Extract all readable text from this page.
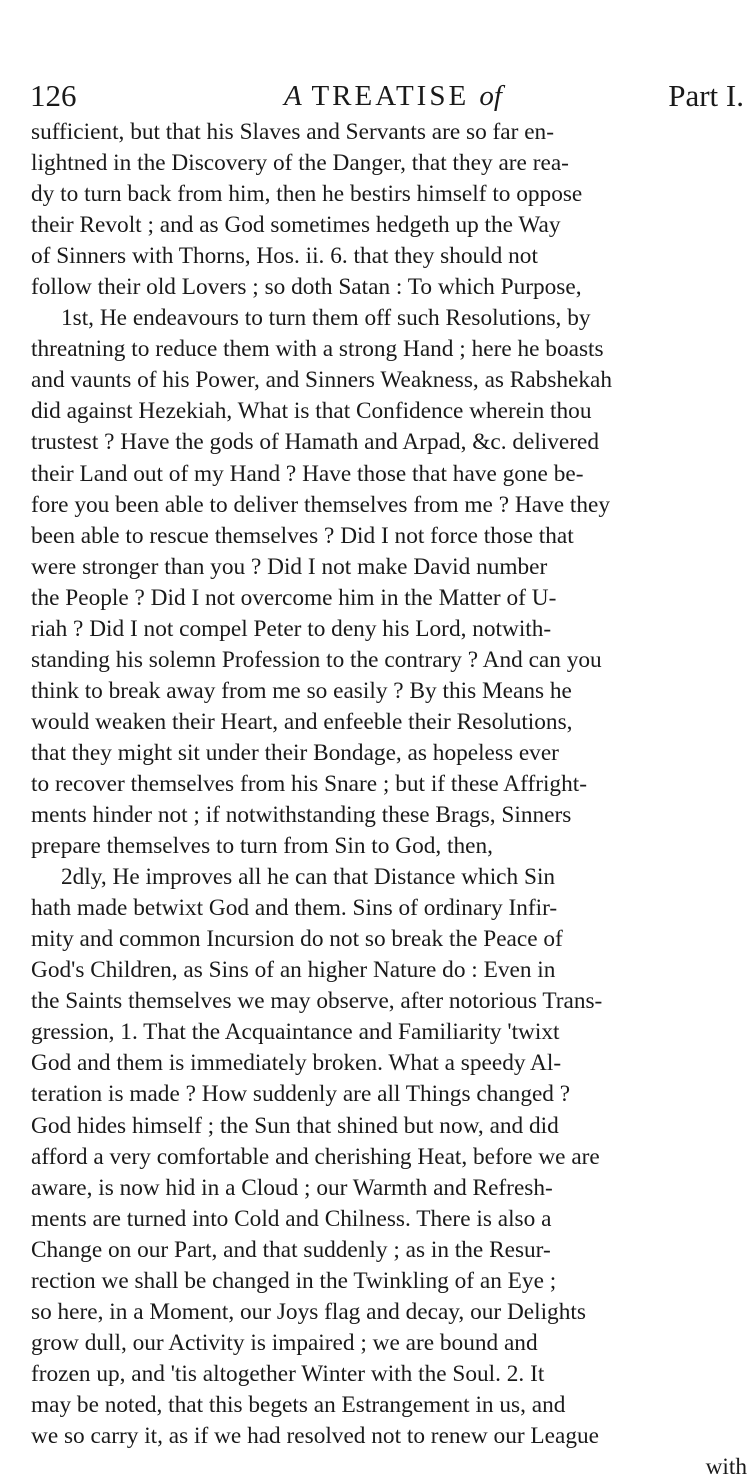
126	A TREATISE of	Part I.
sufficient, but that his Slaves and Servants are so far en-
lightned in the Discovery of the Danger, that they are rea-
dy to turn back from him, then he bestirs himself to oppose
their Revolt ; and as God sometimes hedgeth up the Way
of Sinners with Thorns, Hos. ii. 6. that they should not
follow their old Lovers ; so doth Satan : To which Purpose,
1st, He endeavours to turn them off such Resolutions, by
threatning to reduce them with a strong Hand ; here he boasts
and vaunts of his Power, and Sinners Weakness, as Rabshekah
did against Hezekiah, What is that Confidence wherein thou
trustest ? Have the gods of Hamath and Arpad, &c. delivered
their Land out of my Hand ? Have those that have gone be-
fore you been able to deliver themselves from me ? Have they
been able to rescue themselves ? Did I not force those that
were stronger than you ? Did I not make David number
the People ? Did I not overcome him in the Matter of U-
riah ? Did I not compel Peter to deny his Lord, notwith-
standing his solemn Profession to the contrary ? And can you
think to break away from me so easily ? By this Means he
would weaken their Heart, and enfeeble their Resolutions,
that they might sit under their Bondage, as hopeless ever
to recover themselves from his Snare ; but if these Affright-
ments hinder not ; if notwithstanding these Brags, Sinners
prepare themselves to turn from Sin to God, then,
2dly, He improves all he can that Distance which Sin
hath made betwixt God and them. Sins of ordinary Infir-
mity and common Incursion do not so break the Peace of
God's Children, as Sins of an higher Nature do : Even in
the Saints themselves we may observe, after notorious Trans-
gression, 1. That the Acquaintance and Familiarity 'twixt
God and them is immediately broken. What a speedy Al-
teration is made ? How suddenly are all Things changed ?
God hides himself ; the Sun that shined but now, and did
afford a very comfortable and cherishing Heat, before we are
aware, is now hid in a Cloud ; our Warmth and Refresh-
ments are turned into Cold and Chilness. There is also a
Change on our Part, and that suddenly ; as in the Resur-
rection we shall be changed in the Twinkling of an Eye ;
so here, in a Moment, our Joys flag and decay, our Delights
grow dull, our Activity is impaired ; we are bound and
frozen up, and 'tis altogether Winter with the Soul. 2. It
may be noted, that this begets an Estrangement in us, and
we so carry it, as if we had resolved not to renew our League
with
